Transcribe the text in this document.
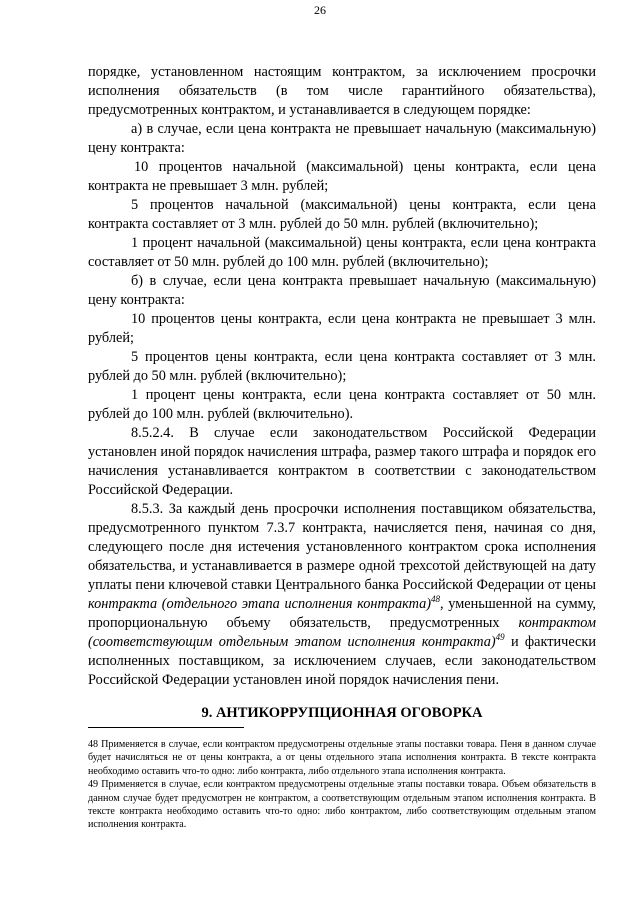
26

порядке, установленном настоящим контрактом, за исключением просрочки исполнения обязательств (в том числе гарантийного обязательства), предусмотренных контрактом, и устанавливается в следующем порядке:

а) в случае, если цена контракта не превышает начальную (максимальную) цену контракта:

10 процентов начальной (максимальной) цены контракта, если цена контракта не превышает 3 млн. рублей;

5 процентов начальной (максимальной) цены контракта, если цена контракта составляет от 3 млн. рублей до 50 млн. рублей (включительно);

1 процент начальной (максимальной) цены контракта, если цена контракта составляет от 50 млн. рублей до 100 млн. рублей (включительно);

б) в случае, если цена контракта превышает начальную (максимальную) цену контракта:

10 процентов цены контракта, если цена контракта не превышает 3 млн. рублей;

5 процентов цены контракта, если цена контракта составляет от 3 млн. рублей до 50 млн. рублей (включительно);

1 процент цены контракта, если цена контракта составляет от 50 млн. рублей до 100 млн. рублей (включительно).

8.5.2.4. В случае если законодательством Российской Федерации установлен иной порядок начисления штрафа, размер такого штрафа и порядок его начисления устанавливается контрактом в соответствии с законодательством Российской Федерации.

8.5.3. За каждый день просрочки исполнения поставщиком обязательства, предусмотренного пунктом 7.3.7 контракта, начисляется пеня, начиная со дня, следующего после дня истечения установленного контрактом срока исполнения обязательства, и устанавливается в размере одной трехсотой действующей на дату уплаты пени ключевой ставки Центрального банка Российской Федерации от цены контракта (отдельного этапа исполнения контракта)$^{48}$, уменьшенной на сумму, пропорциональную объему обязательств, предусмотренных контрактом (соответствующим отдельным этапом исполнения контракта)$^{49}$ и фактически исполненных поставщиком, за исключением случаев, если законодательством Российской Федерации установлен иной порядок начисления пени.

9. АНТИКОРРУПЦИОННАЯ ОГОВОРКА

48 Применяется в случае, если контрактом предусмотрены отдельные этапы поставки товара. Пеня в данном случае будет начисляться не от цены контракта, а от цены отдельного этапа исполнения контракта. В тексте контракта необходимо оставить что-то одно: либо контракта, либо отдельного этапа исполнения контракта.

49 Применяется в случае, если контрактом предусмотрены отдельные этапы поставки товара. Объем обязательств в данном случае будет предусмотрен не контрактом, а соответствующим отдельным этапом исполнения контракта. В тексте контракта необходимо оставить что-то одно: либо контрактом, либо соответствующим отдельным этапом исполнения контракта.
